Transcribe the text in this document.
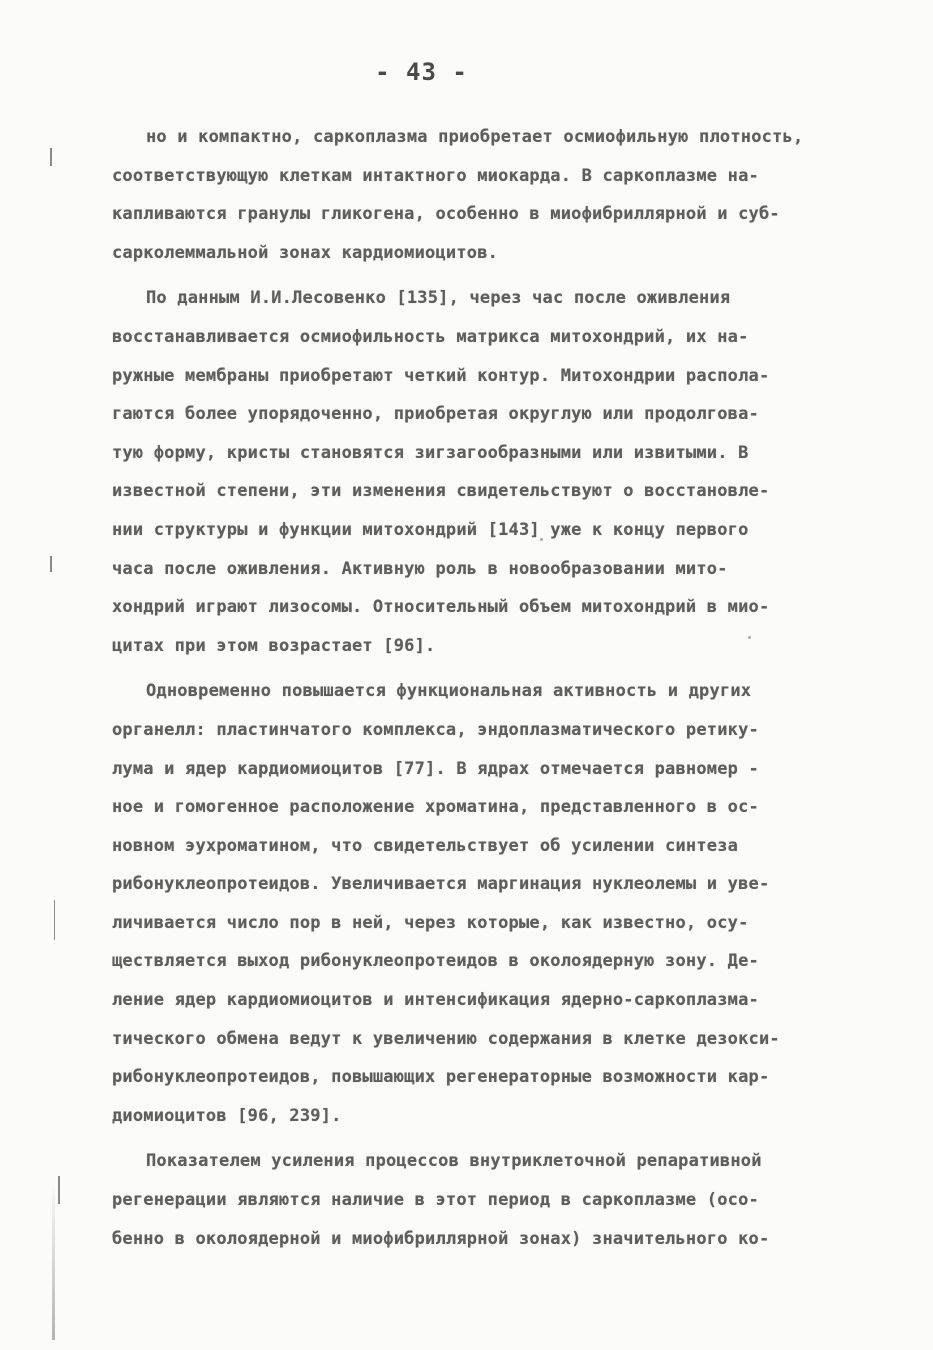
- 43 -
но и компактно, саркоплазма приобретает осмиофильную плотность,
соответствующую клеткам интактного миокарда. В саркоплазме на-
капливаются гранулы гликогена, особенно в миофибриллярной и суб-
сарколеммальной зонах кардиомиоцитов.
По данным И.И.Лесовенко [135], через час после оживления
восстанавливается осмиофильность матрикса митохондрий, их на-
ружные мембраны приобретают четкий контур. Митохондрии распола-
гаются более упорядоченно, приобретая округлую или продолгова-
тую форму, кристы становятся зигзагообразными или извитыми. В
известной степени, эти изменения свидетельствуют о восстановле-
нии структуры и функции митохондрий [143] уже к концу первого
часа после оживления. Активную роль в новообразовании мито-
хондрий играют лизосомы. Относительный объем митохондрий в мио-
цитах при этом возрастает [96].
Одновременно повышается функциональная активность и других
органелл: пластинчатого комплекса, эндоплазматического ретику-
лума и ядер кардиомиоцитов [77]. В ядрах отмечается равномер -
ное и гомогенное расположение хроматина, представленного в ос-
новном эухроматином, что свидетельствует об усилении синтеза
рибонуклеопротеидов. Увеличивается маргинация нуклеолемы и уве-
личивается число пор в ней, через которые, как известно, осу-
ществляется выход рибонуклеопротеидов в околоядерную зону. Де-
ление ядер кардиомиоцитов и интенсификация ядерно-саркоплазма-
тического обмена ведут к увеличению содержания в клетке дезокси-
рибонуклеопротеидов, повышающих регенераторные возможности кар-
диомиоцитов [96, 239].
Показателем усиления процессов внутриклеточной репаративной
регенерации являются наличие в этот период в саркоплазме (осо-
бенно в околоядерной и миофибриллярной зонах) значительного ко-
